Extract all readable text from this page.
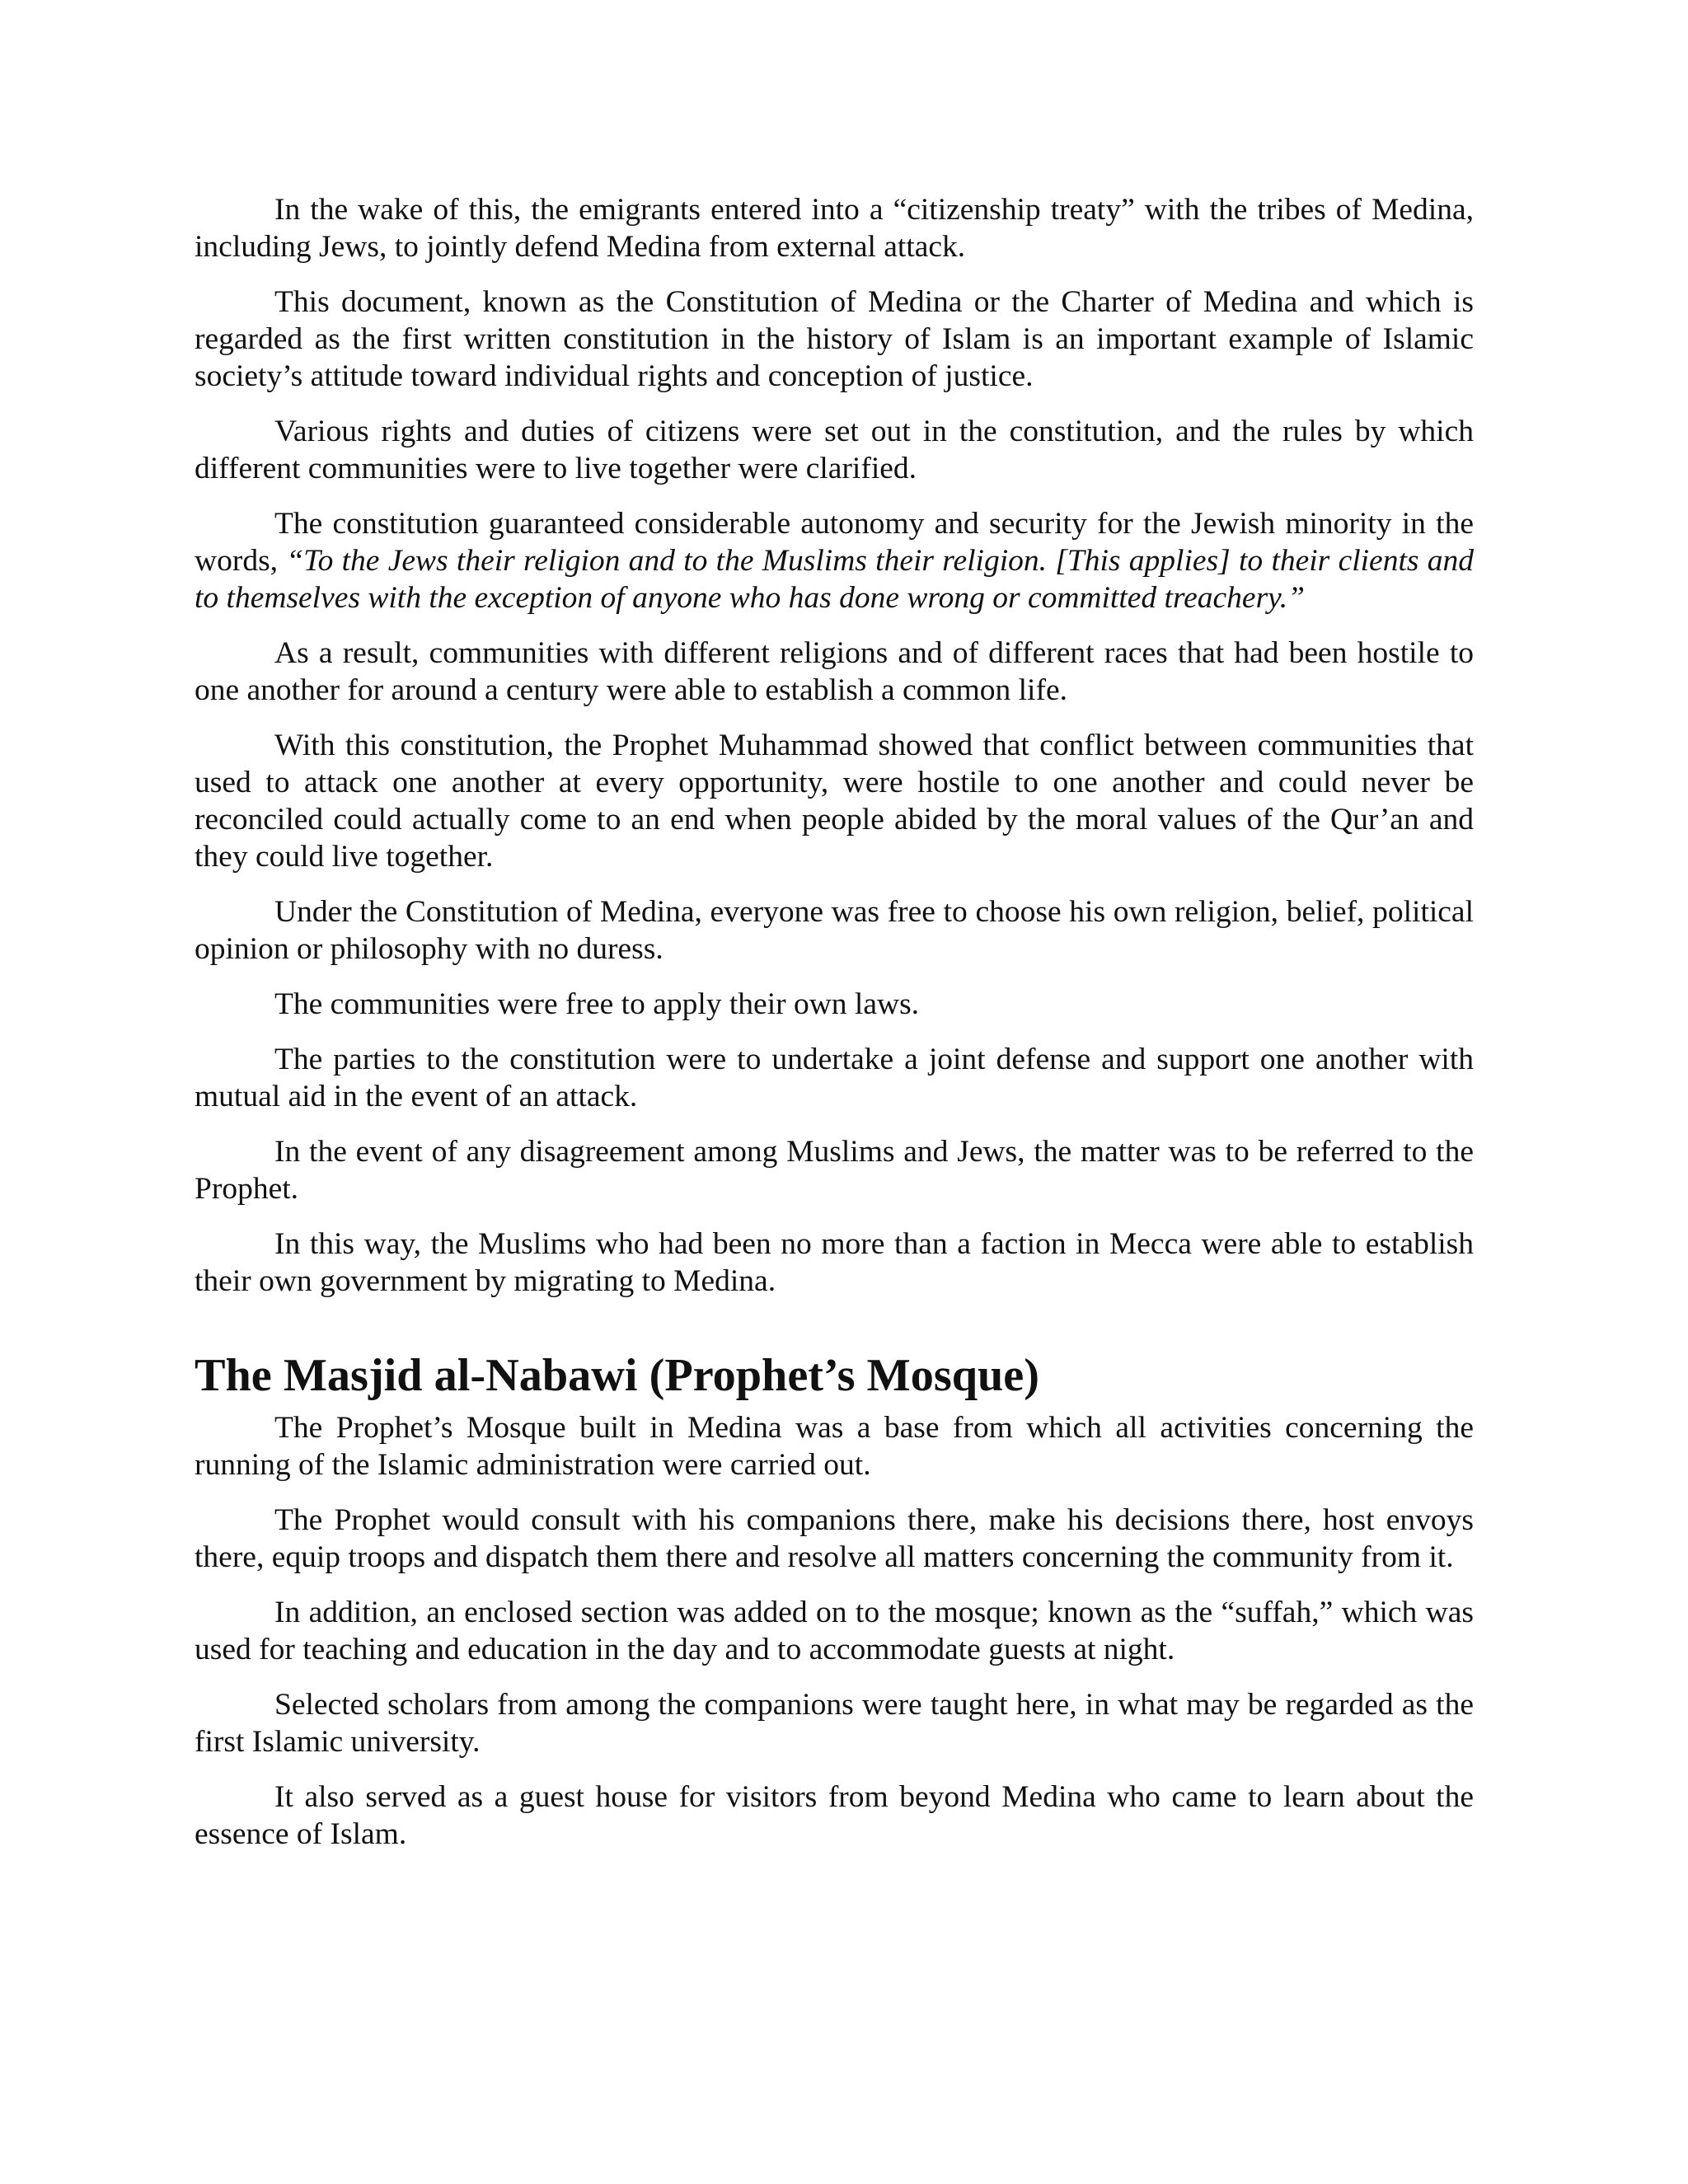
In the wake of this, the emigrants entered into a “citizenship treaty” with the tribes of Medina, including Jews, to jointly defend Medina from external attack.

This document, known as the Constitution of Medina or the Charter of Medina and which is regarded as the first written constitution in the history of Islam is an important example of Islamic society’s attitude toward individual rights and conception of justice.

Various rights and duties of citizens were set out in the constitution, and the rules by which different communities were to live together were clarified.

The constitution guaranteed considerable autonomy and security for the Jewish minority in the words, “To the Jews their religion and to the Muslims their religion. [This applies] to their clients and to themselves with the exception of anyone who has done wrong or committed treachery.”

As a result, communities with different religions and of different races that had been hostile to one another for around a century were able to establish a common life.

With this constitution, the Prophet Muhammad showed that conflict between communities that used to attack one another at every opportunity, were hostile to one another and could never be reconciled could actually come to an end when people abided by the moral values of the Qur’an and they could live together.

Under the Constitution of Medina, everyone was free to choose his own religion, belief, political opinion or philosophy with no duress.

The communities were free to apply their own laws.

The parties to the constitution were to undertake a joint defense and support one another with mutual aid in the event of an attack.

In the event of any disagreement among Muslims and Jews, the matter was to be referred to the Prophet.

In this way, the Muslims who had been no more than a faction in Mecca were able to establish their own government by migrating to Medina.

The Masjid al-Nabawi (Prophet’s Mosque)

The Prophet’s Mosque built in Medina was a base from which all activities concerning the running of the Islamic administration were carried out.

The Prophet would consult with his companions there, make his decisions there, host envoys there, equip troops and dispatch them there and resolve all matters concerning the community from it.

In addition, an enclosed section was added on to the mosque; known as the “suffah,” which was used for teaching and education in the day and to accommodate guests at night.

Selected scholars from among the companions were taught here, in what may be regarded as the first Islamic university.

It also served as a guest house for visitors from beyond Medina who came to learn about the essence of Islam.
